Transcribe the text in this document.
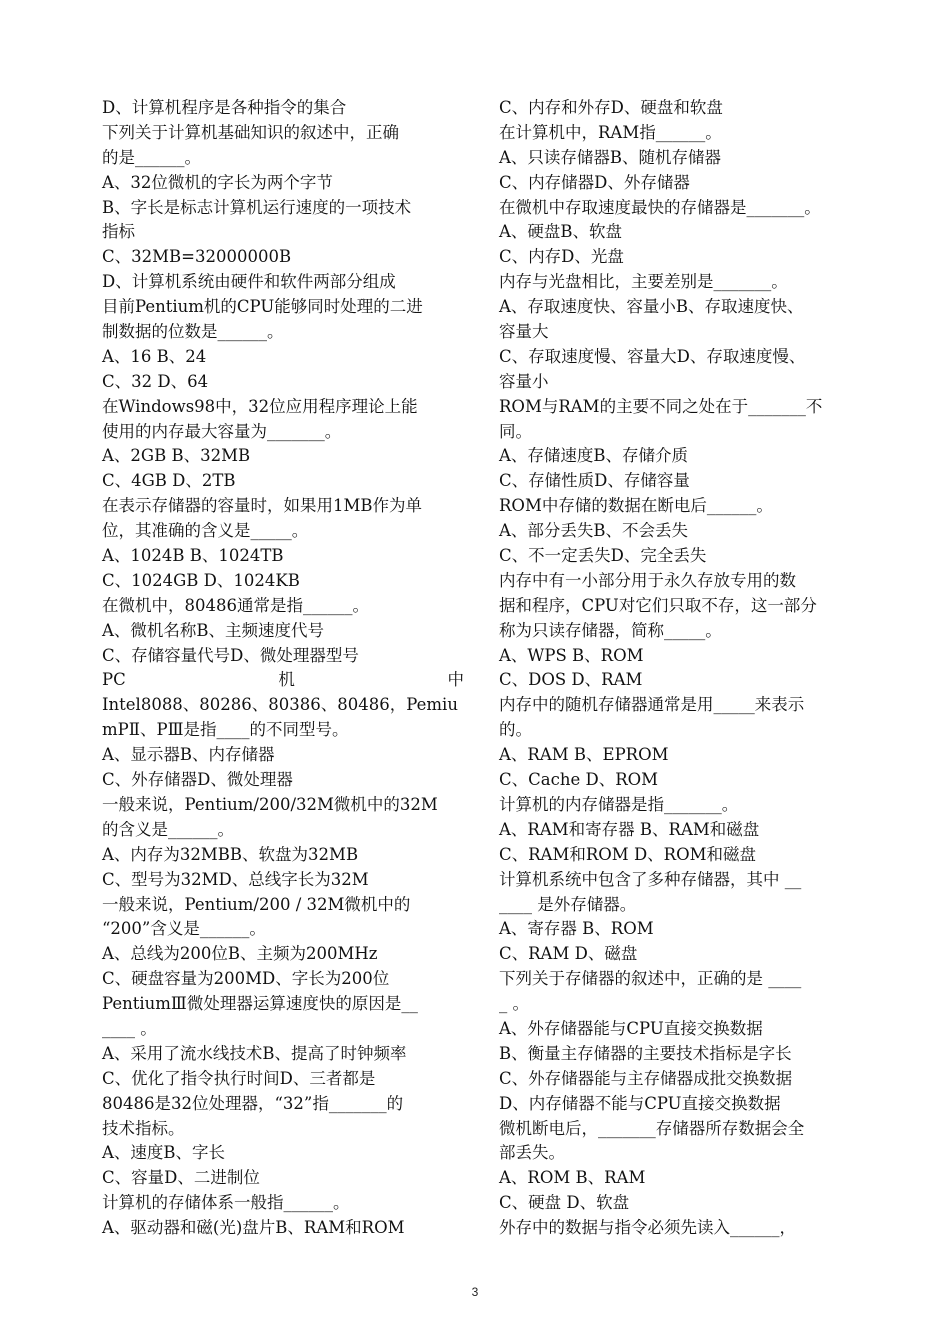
D、计算机程序是各种指令的集合
下列关于计算机基础知识的叙述中，正确
的是______。
A、32位微机的字长为两个字节
B、字长是标志计算机运行速度的一项技术
指标
C、32MB=32000000B
D、计算机系统由硬件和软件两部分组成
目前Pentium机的CPU能够同时处理的二进
制数据的位数是______。
A、16 B、24
C、32 D、64
在Windows98中，32位应用程序理论上能
使用的内存最大容量为_______。
A、2GB B、32MB
C、4GB D、2TB
在表示存储器的容量时，如果用1MB作为单
位，其准确的含义是_____。
A、1024B B、1024TB
C、1024GB D、1024KB
在微机中，80486通常是指______。
A、微机名称B、主频速度代号
C、存储容量代号D、微处理器型号
PC	机	中
Intel8088、80286、80386、80486，Pemiu
mPⅡ、PⅢ是指____的不同型号。
A、显示器B、内存储器
C、外存储器D、微处理器
一般来说，Pentium/200/32M微机中的32M
的含义是______。
A、内存为32MBB、软盘为32MB
C、型号为32MD、总线字长为32M
一般来说，Pentium/200 / 32M微机中的
“200”含义是______。
A、总线为200位B、主频为200MHz
C、硬盘容量为200MD、字长为200位
PentiumⅢ微处理器运算速度快的原因是__
____ 。
A、采用了流水线技术B、提高了时钟频率
C、优化了指令执行时间D、三者都是
80486是32位处理器，“32”指_______的
技术指标。
A、速度B、字长
C、容量D、二进制位
计算机的存储体系一般指______。
A、驱动器和磁(光)盘片B、RAM和ROM
C、内存和外存D、硬盘和软盘
在计算机中，RAM指______。
A、只读存储器B、随机存储器
C、内存储器D、外存储器
在微机中存取速度最快的存储器是_______。
A、硬盘B、软盘
C、内存D、光盘
内存与光盘相比，主要差别是_______。
A、存取速度快、容量小B、存取速度快、
容量大
C、存取速度慢、容量大D、存取速度慢、
容量小
ROM与RAM的主要不同之处在于_______不
同。
A、存储速度B、存储介质
C、存储性质D、存储容量
ROM中存储的数据在断电后______。
A、部分丢失B、不会丢失
C、不一定丢失D、完全丢失
内存中有一小部分用于永久存放专用的数
据和程序，CPU对它们只取不存，这一部分
称为只读存储器，简称_____。
A、WPS B、ROM
C、DOS D、RAM
内存中的随机存储器通常是用_____来表示
的。
A、RAM B、EPROM
C、Cache D、ROM
计算机的内存储器是指_______。
A、RAM和寄存器 B、RAM和磁盘
C、RAM和ROM D、ROM和磁盘
计算机系统中包含了多种存储器，其中 __
____ 是外存储器。
A、寄存器 B、ROM
C、RAM D、磁盘
下列关于存储器的叙述中，正确的是 ____
_ 。
A、外存储器能与CPU直接交换数据
B、衡量主存储器的主要技术指标是字长
C、外存储器能与主存储器成批交换数据
D、内存储器不能与CPU直接交换数据
微机断电后，_______存储器所存数据会全
部丢失。
A、ROM B、RAM
C、硬盘 D、软盘
外存中的数据与指令必须先读入______，
3
